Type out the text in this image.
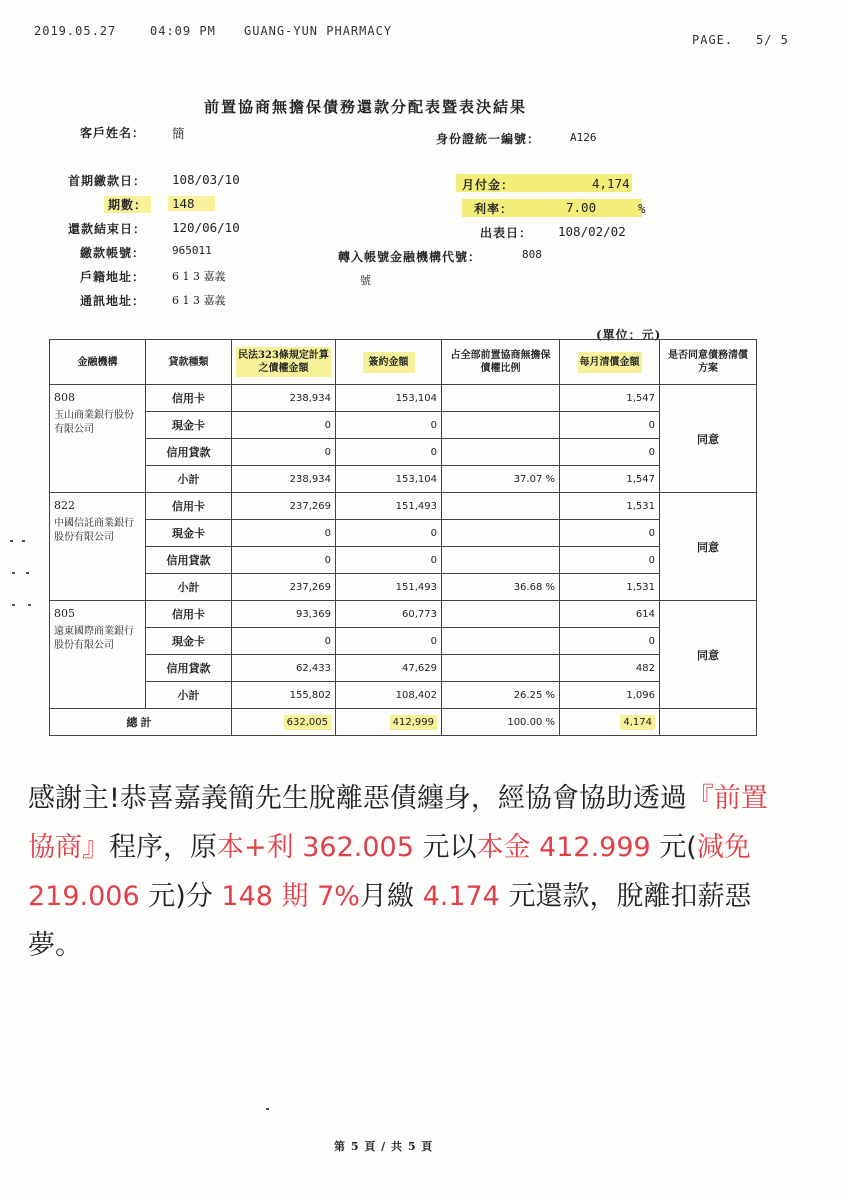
2019.05.27	04:09 PM GUANG-YUN PHARMACY
PAGE. 5/ 5
前置協商無擔保債務還款分配表暨表決結果
客戶姓名： 簡	身份證統一編號：	A126
首期繳款日： 108/03/10
期數：	148
還款結束日： 120/06/10
繳款帳號： 965011
戶籍地址： 6 1 3 嘉義
通訊地址： 6 1 3 嘉義
月付金：	4,174
利率：	7.00	%
出表日： 108/02/02
轉入帳號金融機構代號：	808
號
(單位：元)
金融機構	貸款種類	民法323條規定計算之債權金額	簽約金額	占全部前置協商無擔保債權比例	每月清償金額	是否同意債務清償方案

808
玉山商業銀行股份有限公司	信用卡	238,934	153,104		1,547	同意
	現金卡	0	0		0	
	信用貸款	0	0		0	
	小計	238,934	153,104	37.07 %	1,547	

822
中國信託商業銀行股份有限公司	信用卡	237,269	151,493		1,531	同意
	現金卡	0	0		0	
	信用貸款	0	0		0	
	小計	237,269	151,493	36.68 %	1,531	

805
遠東國際商業銀行股份有限公司	信用卡	93,369	60,773		614	同意
	現金卡	0	0		0	
	信用貸款	62,433	47,629		482	
	小計	155,802	108,402	26.25 %	1,096	
總計		632,005	412,999	100.00 %	4,174	
感謝主!恭喜嘉義簡先生脫離惡債纏身，經協會協助透過『前置協商』程序，原本+利 362.005 元以本金 412.999 元(減免 219.006 元)分 148 期 7%月繳 4.174 元還款，脫離扣薪惡夢。
第 5 頁 / 共 5 頁
